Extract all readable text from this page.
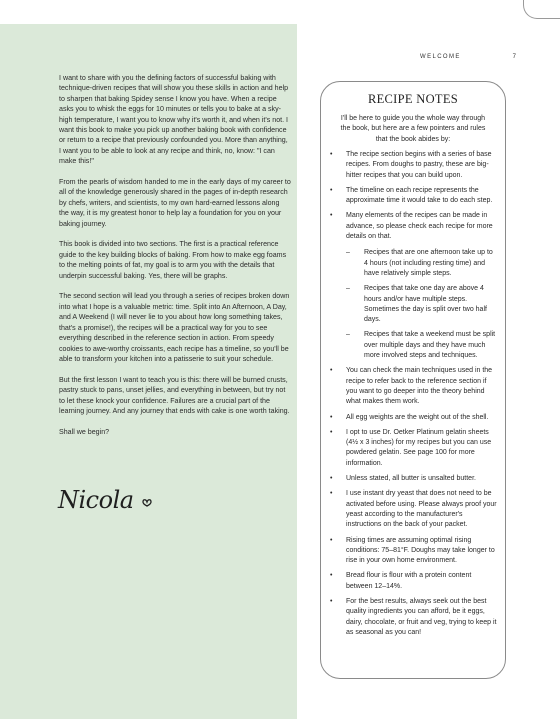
WELCOME	7

I want to share with you the defining factors of successful baking with technique-driven recipes that will show you these skills in action and help to sharpen that baking Spidey sense I know you have. When a recipe asks you to whisk the eggs for 10 minutes or tells you to bake at a sky-high temperature, I want you to know why it's worth it, and when it's not. I want this book to make you pick up another baking book with confidence or return to a recipe that previously confounded you. More than anything, I want you to be able to look at any recipe and think, no, know: "I can make this!"

From the pearls of wisdom handed to me in the early days of my career to all of the knowledge generously shared in the pages of in-depth research by chefs, writers, and scientists, to my own hard-earned lessons along the way, it is my greatest honor to help lay a foundation for you on your baking journey.

This book is divided into two sections. The first is a practical reference guide to the key building blocks of baking. From how to make egg foams to the melting points of fat, my goal is to arm you with the details that underpin successful baking. Yes, there will be graphs.

The second section will lead you through a series of recipes broken down into what I hope is a valuable metric: time. Split into An Afternoon, A Day, and A Weekend (I will never lie to you about how long something takes, that's a promise!), the recipes will be a practical way for you to see everything described in the reference section in action. From speedy cookies to awe-worthy croissants, each recipe has a timeline, so you'll be able to transform your kitchen into a patisserie to suit your schedule.

But the first lesson I want to teach you is this: there will be burned crusts, pastry stuck to pans, unset jellies, and everything in between, but try not to let these knock your confidence. Failures are a crucial part of the learning journey. And any journey that ends with cake is one worth taking.

Shall we begin?

Nicola
RECIPE NOTES
I'll be here to guide you the whole way through the book, but here are a few pointers and rules that the book abides by:
• The recipe section begins with a series of base recipes. From doughs to pastry, these are big-hitter recipes that you can build upon.
• The timeline on each recipe represents the approximate time it would take to do each step.
• Many elements of the recipes can be made in advance, so please check each recipe for more details on that.
– Recipes that are one afternoon take up to 4 hours (not including resting time) and have relatively simple steps.
– Recipes that take one day are above 4 hours and/or have multiple steps. Sometimes the day is split over two half days.
– Recipes that take a weekend must be split over multiple days and they have much more involved steps and techniques.
• You can check the main techniques used in the recipe to refer back to the reference section if you want to go deeper into the theory behind what makes them work.
• All egg weights are the weight out of the shell.
• I opt to use Dr. Oetker Platinum gelatin sheets (4½ x 3 inches) for my recipes but you can use powdered gelatin. See page 100 for more information.
• Unless stated, all butter is unsalted butter.
• I use instant dry yeast that does not need to be activated before using. Please always proof your yeast according to the manufacturer's instructions on the back of your packet.
• Rising times are assuming optimal rising conditions: 75–81°F. Doughs may take longer to rise in your own home environment.
• Bread flour is flour with a protein content between 12–14%.
• For the best results, always seek out the best quality ingredients you can afford, be it eggs, dairy, chocolate, or fruit and veg, trying to keep it as seasonal as you can!
